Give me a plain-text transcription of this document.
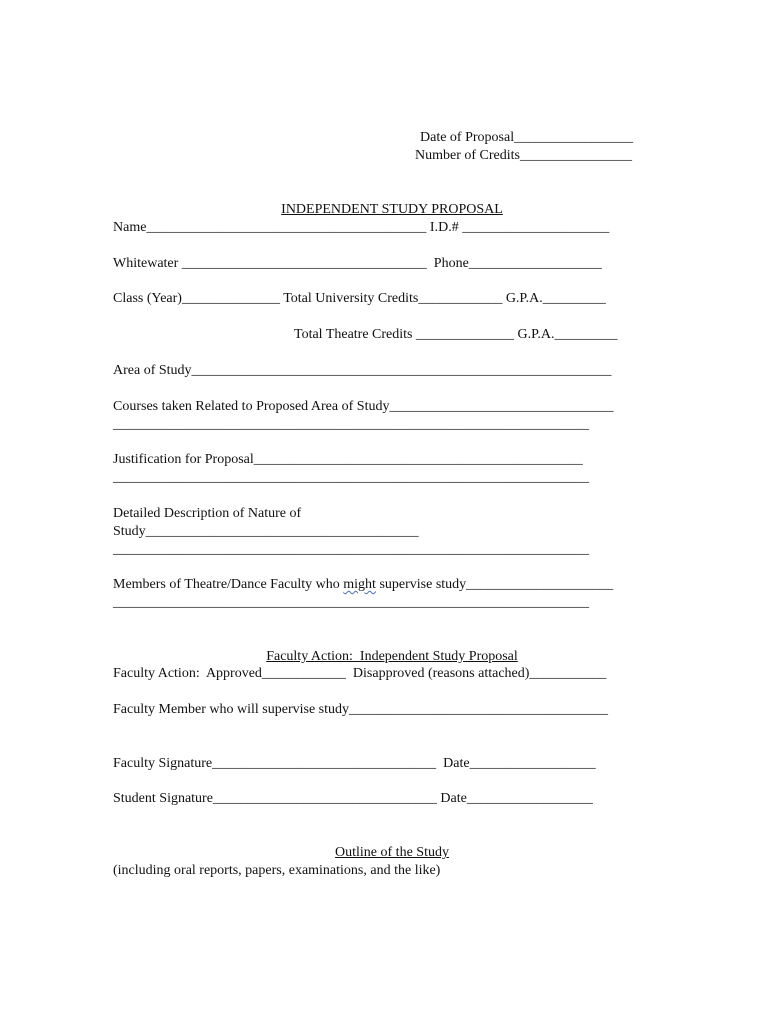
Date of Proposal_________________
Number of Credits________________

INDEPENDENT STUDY PROPOSAL

Name________________________________________ I.D.# _____________________
Whitewater ___________________________________  Phone___________________
Class (Year)______________ Total University Credits____________ G.P.A._________
Total Theatre Credits ______________ G.P.A._________
Area of Study____________________________________________________________
Courses taken Related to Proposed Area of Study________________________________
____________________________________________________________________
Justification for Proposal_______________________________________________
____________________________________________________________________
Detailed Description of Nature of
Study_______________________________________
____________________________________________________________________
Members of Theatre/Dance Faculty who might supervise study_____________________
____________________________________________________________________

Faculty Action:  Independent Study Proposal

Faculty Action:  Approved____________  Disapproved (reasons attached)___________
Faculty Member who will supervise study_____________________________________
Faculty Signature________________________________  Date__________________
Student Signature________________________________ Date__________________

Outline of the Study

(including oral reports, papers, examinations, and the like)
